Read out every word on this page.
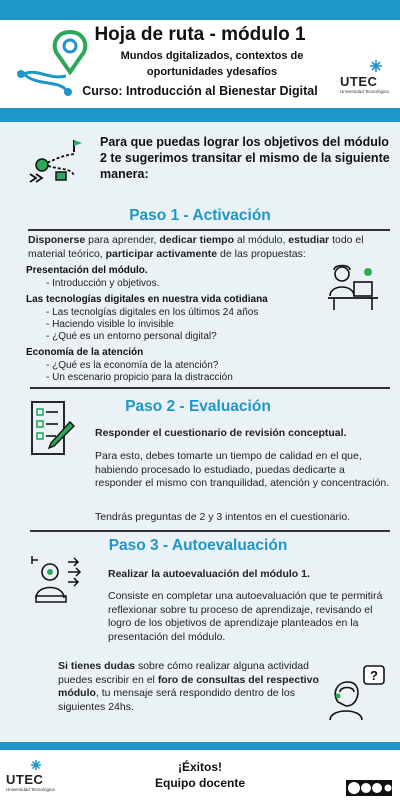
Hoja de ruta - módulo 1
Mundos dgitalizados, contextos de
oportunidades ydesafíos
Curso: Introducción al Bienestar Digital
UTEC
Universidad Tecnológica
Para que puedas lograr los objetivos del módulo 2 te sugerimos transitar el mismo de la siguiente manera:
Paso 1 - Activación
Disponerse para aprender, dedicar tiempo al módulo, estudiar todo el material teórico, participar activamente de las propuestas:
Presentación del módulo.
- Introducción y objetivos.
Las tecnologías digitales en nuestra vida cotidiana
- Las tecnolgías digitales en los últimos 24 años
- Haciendo visible lo invisible
- ¿Qué es un entorno personal digital?
Economía de la atención
- ¿Qué es la economía de la atención?
- Un escenario propicio para la distracción
Paso 2 - Evaluación
Responder el cuestionario de revisión conceptual.
Para esto, debes tomarte un tiempo de calidad en el que, habiendo procesado lo estudiado, puedas dedicarte a responder el mismo con tranquilidad, atención y concentración.
Tendrás preguntas de 2 y 3 intentos en el cuestionario.
Paso 3 - Autoevaluación
Realizar la autoevaluación del módulo 1.
Consiste en completar una autoevaluación que te permitirá reflexionar sobre tu proceso de aprendizaje, revisando el logro de los objetivos de aprendizaje planteados en la presentación del módulo.
Si tienes dudas sobre cómo realizar alguna actividad puedes escribir en el foro de consultas del respectivo módulo, tu mensaje será respondido dentro de los siguientes 24hs.
?
¡Éxitos!
Equipo docente
UTEC
Universidad Tecnológica
